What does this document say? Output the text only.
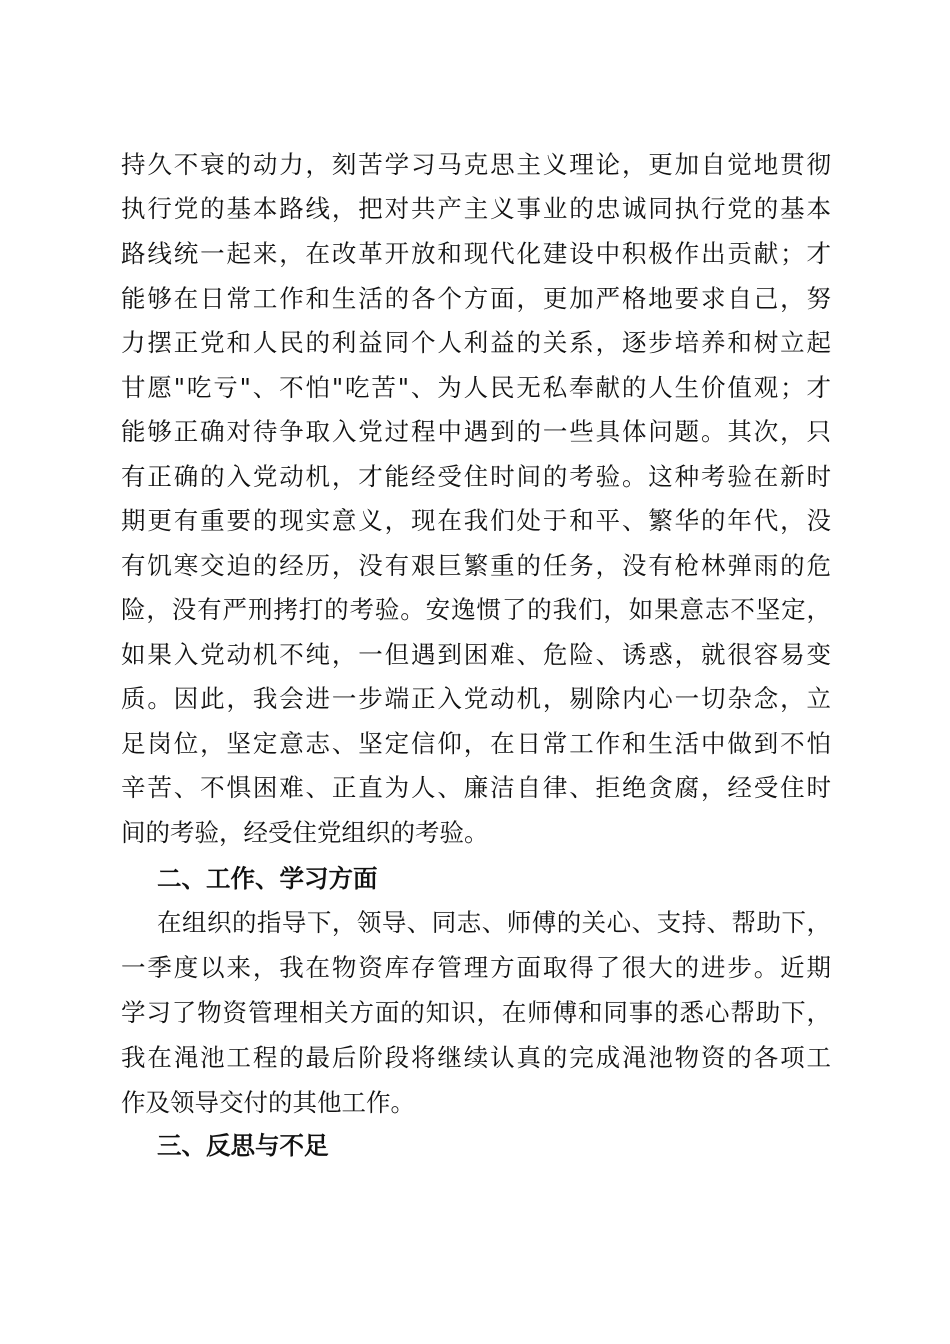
持久不衰的动力，刻苦学习马克思主义理论，更加自觉地贯彻
执行党的基本路线，把对共产主义事业的忠诚同执行党的基本
路线统一起来，在改革开放和现代化建设中积极作出贡献；才
能够在日常工作和生活的各个方面，更加严格地要求自己，努
力摆正党和人民的利益同个人利益的关系，逐步培养和树立起
甘愿"吃亏"、不怕"吃苦"、为人民无私奉献的人生价值观；才
能够正确对待争取入党过程中遇到的一些具体问题。其次，只
有正确的入党动机，才能经受住时间的考验。这种考验在新时
期更有重要的现实意义，现在我们处于和平、繁华的年代，没
有饥寒交迫的经历，没有艰巨繁重的任务，没有枪林弹雨的危
险，没有严刑拷打的考验。安逸惯了的我们，如果意志不坚定，
如果入党动机不纯，一但遇到困难、危险、诱惑，就很容易变
质。因此，我会进一步端正入党动机，剔除内心一切杂念，立
足岗位，坚定意志、坚定信仰，在日常工作和生活中做到不怕
辛苦、不惧困难、正直为人、廉洁自律、拒绝贪腐，经受住时
间的考验，经受住党组织的考验。
二、工作、学习方面
在组织的指导下，领导、同志、师傅的关心、支持、帮助下，
一季度以来，我在物资库存管理方面取得了很大的进步。近期
学习了物资管理相关方面的知识，在师傅和同事的悉心帮助下，
我在渑池工程的最后阶段将继续认真的完成渑池物资的各项工
作及领导交付的其他工作。
三、反思与不足
